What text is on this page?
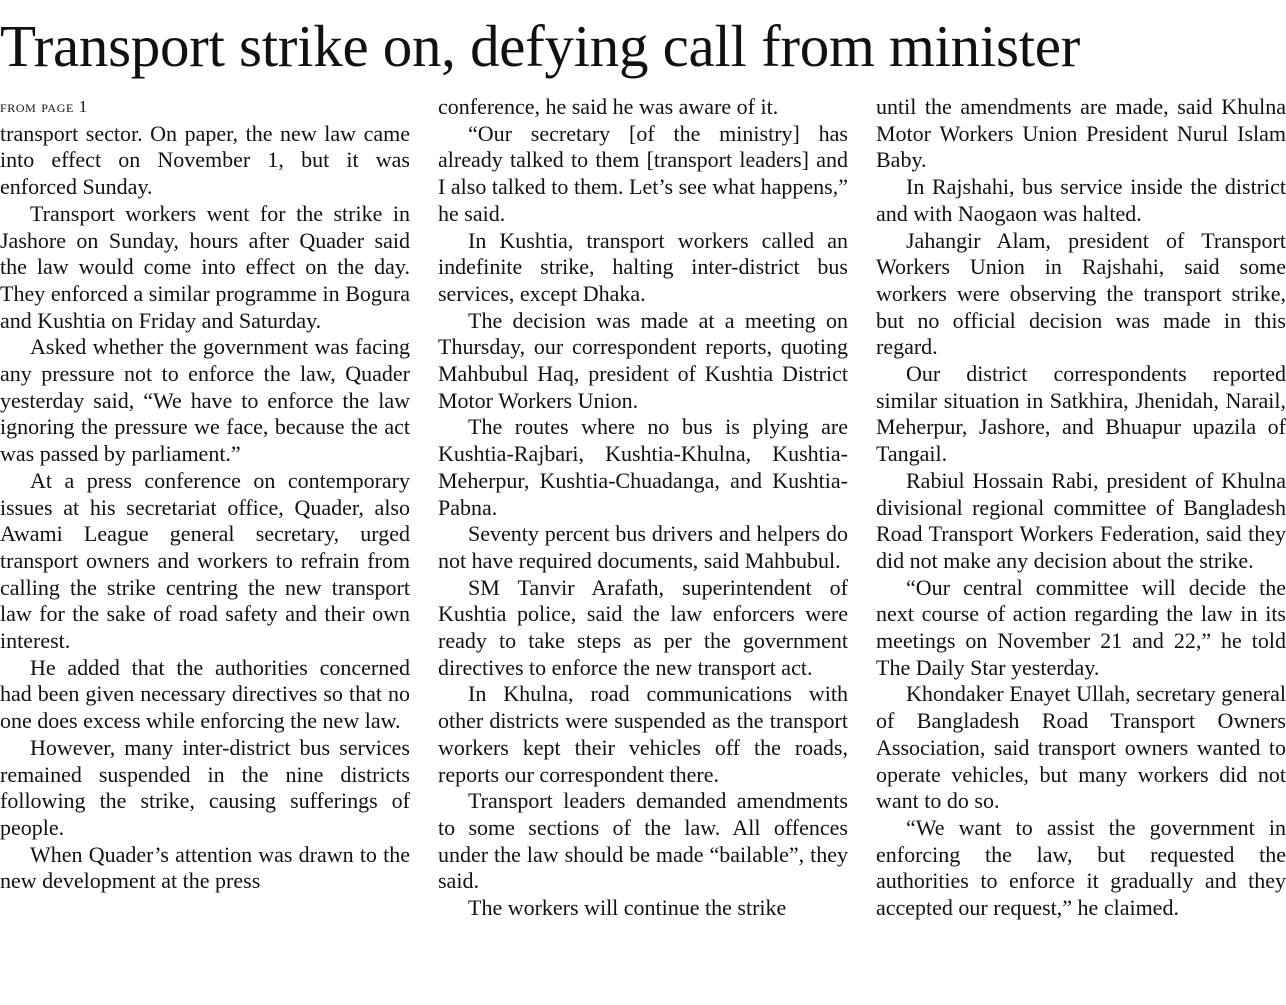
Transport strike on, defying call from minister
from page 1

transport sector. On paper, the new law came into effect on November 1, but it was enforced Sunday.

Transport workers went for the strike in Jashore on Sunday, hours after Quader said the law would come into effect on the day. They enforced a similar programme in Bogura and Kushtia on Friday and Saturday.

Asked whether the government was facing any pressure not to enforce the law, Quader yesterday said, “We have to enforce the law ignoring the pressure we face, because the act was passed by parliament.”

At a press conference on contemporary issues at his secretariat office, Quader, also Awami League general secretary, urged transport owners and workers to refrain from calling the strike centring the new transport law for the sake of road safety and their own interest.

He added that the authorities concerned had been given necessary directives so that no one does excess while enforcing the new law.

However, many inter-district bus services remained suspended in the nine districts following the strike, causing sufferings of people.

When Quader’s attention was drawn to the new development at the press

conference, he said he was aware of it.

“Our secretary [of the ministry] has already talked to them [transport leaders] and I also talked to them. Let’s see what happens,” he said.

In Kushtia, transport workers called an indefinite strike, halting inter-district bus services, except Dhaka.

The decision was made at a meeting on Thursday, our correspondent reports, quoting Mahbubul Haq, president of Kushtia District Motor Workers Union.

The routes where no bus is plying are Kushtia-Rajbari, Kushtia-Khulna, Kushtia-Meherpur, Kushtia-Chuadanga, and Kushtia-Pabna.

Seventy percent bus drivers and helpers do not have required documents, said Mahbubul.

SM Tanvir Arafath, superintendent of Kushtia police, said the law enforcers were ready to take steps as per the government directives to enforce the new transport act.

In Khulna, road communications with other districts were suspended as the transport workers kept their vehicles off the roads, reports our correspondent there.

Transport leaders demanded amendments to some sections of the law. All offences under the law should be made “bailable”, they said.

The workers will continue the strike

until the amendments are made, said Khulna Motor Workers Union President Nurul Islam Baby.

In Rajshahi, bus service inside the district and with Naogaon was halted.

Jahangir Alam, president of Transport Workers Union in Rajshahi, said some workers were observing the transport strike, but no official decision was made in this regard.

Our district correspondents reported similar situation in Satkhira, Jhenidah, Narail, Meherpur, Jashore, and Bhuapur upazila of Tangail.

Rabiul Hossain Rabi, president of Khulna divisional regional committee of Bangladesh Road Transport Workers Federation, said they did not make any decision about the strike.

“Our central committee will decide the next course of action regarding the law in its meetings on November 21 and 22,” he told The Daily Star yesterday.

Khondaker Enayet Ullah, secretary general of Bangladesh Road Transport Owners Association, said transport owners wanted to operate vehicles, but many workers did not want to do so.

“We want to assist the government in enforcing the law, but requested the authorities to enforce it gradually and they accepted our request,” he claimed.
